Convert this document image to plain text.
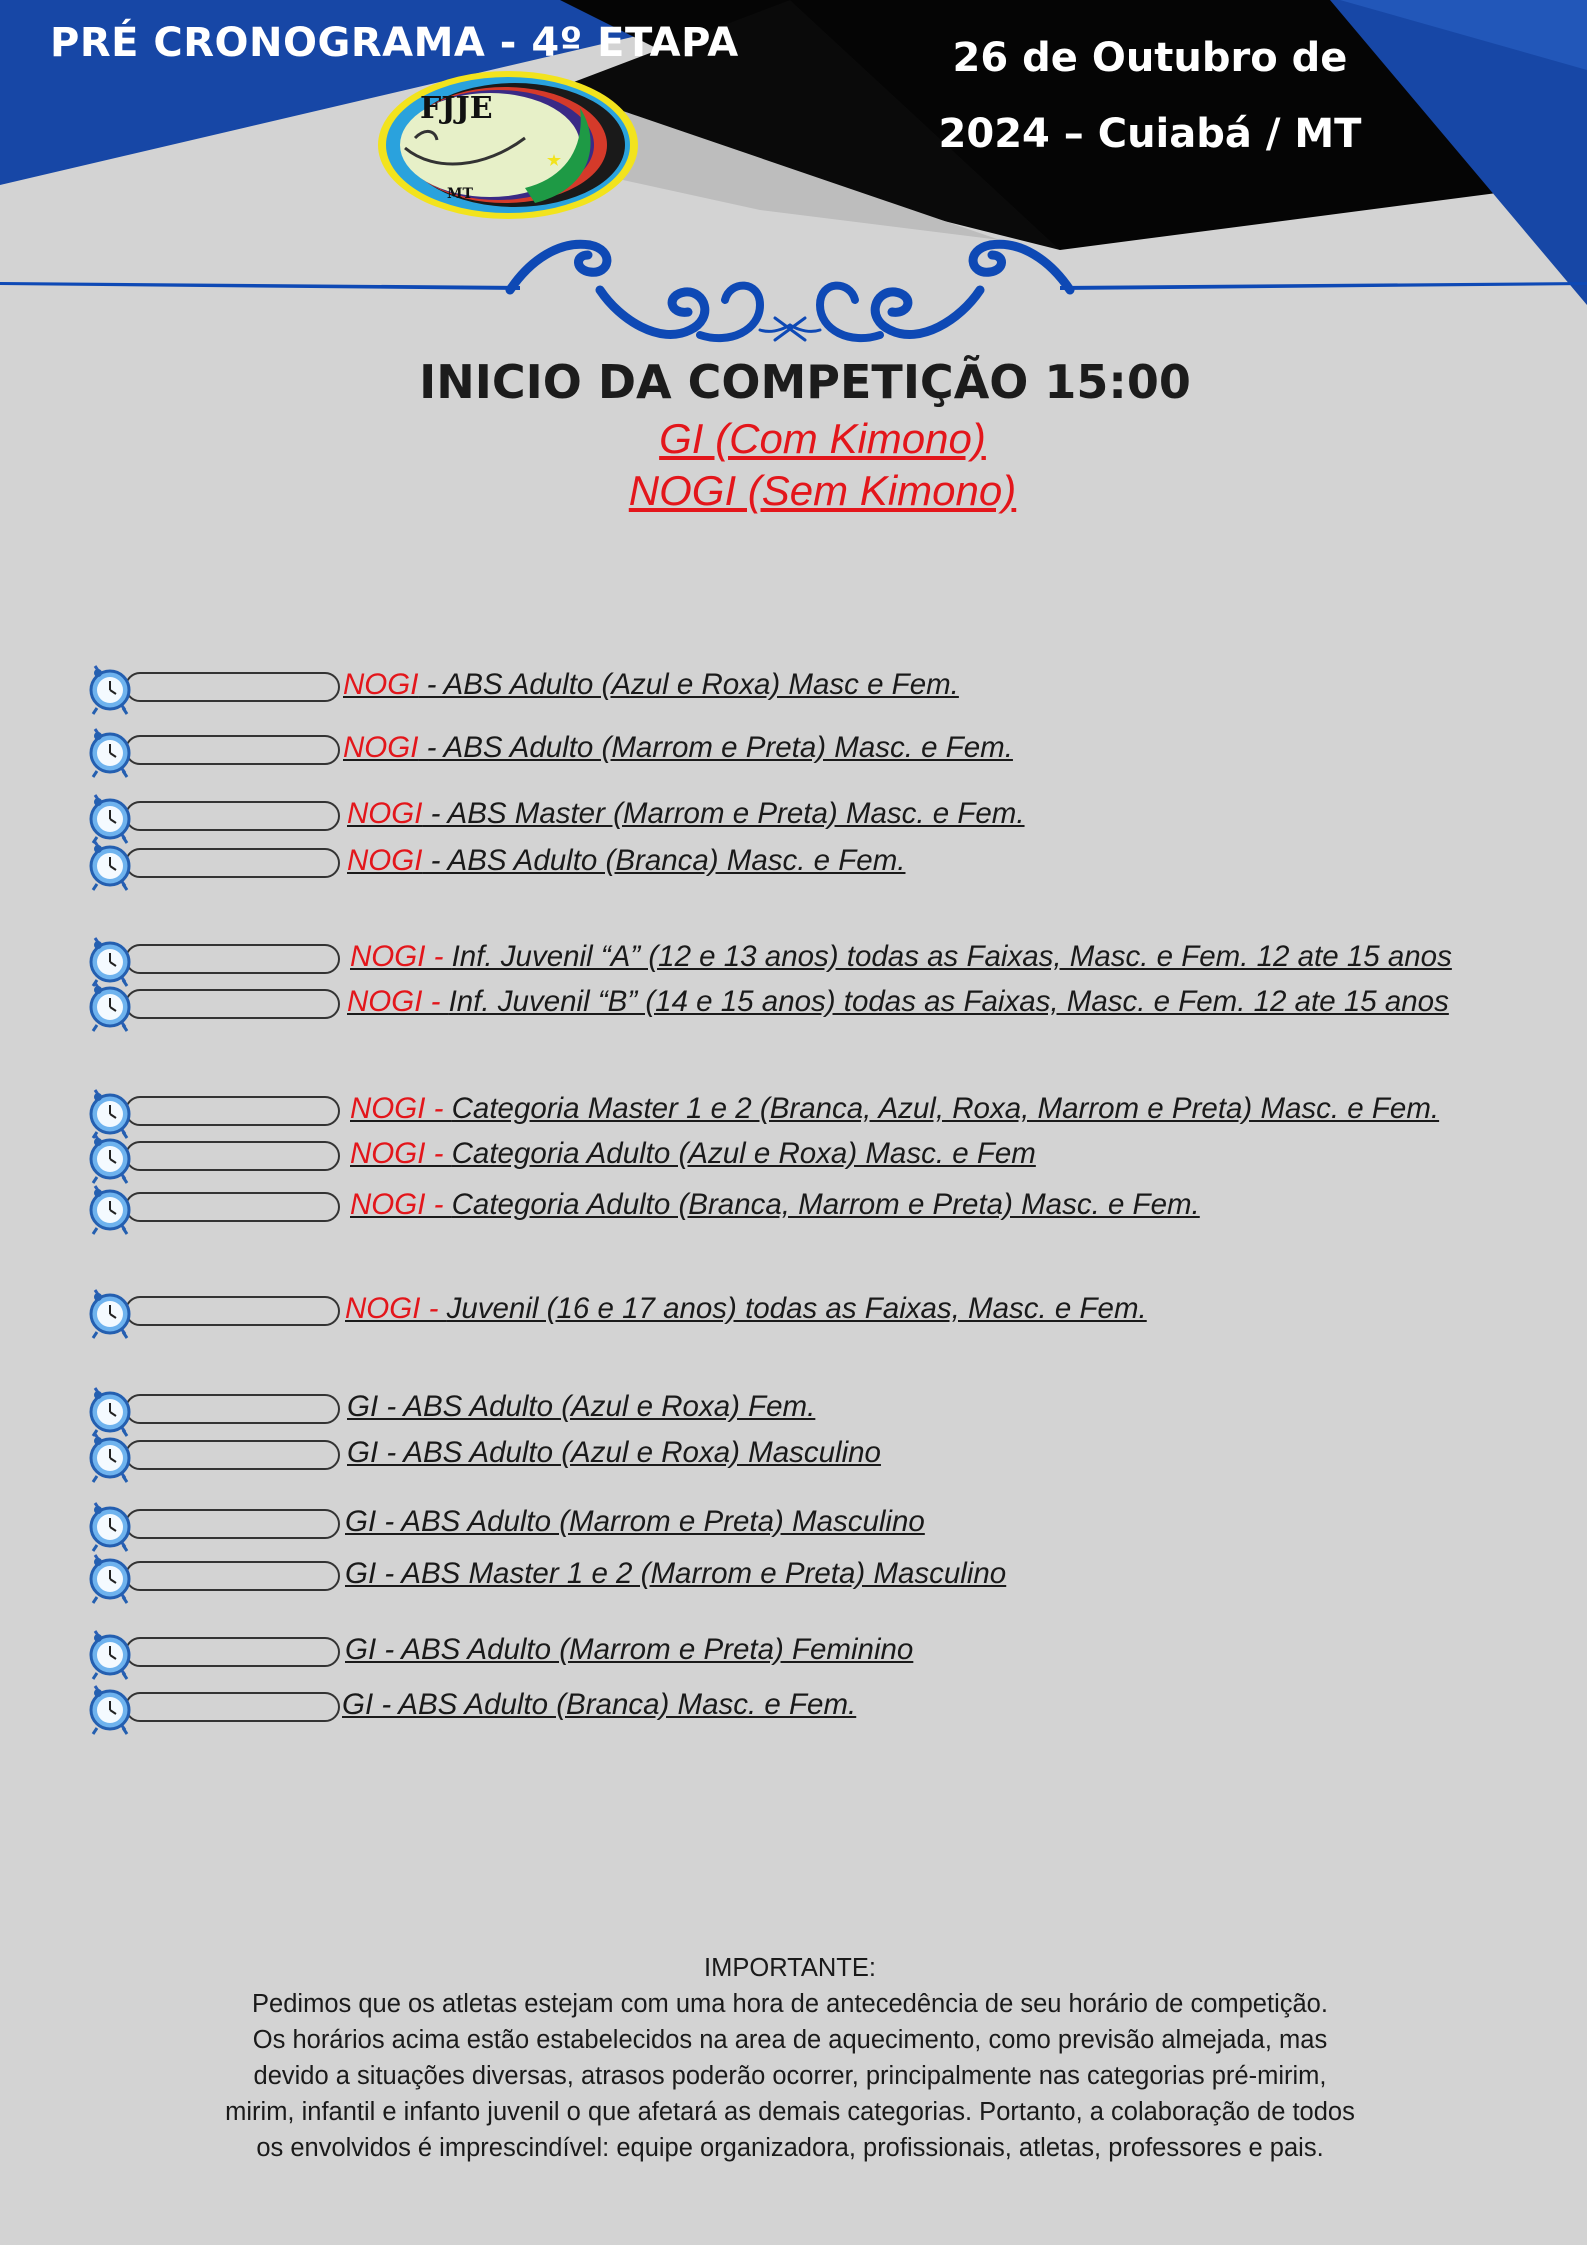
PRÉ CRONOGRAMA - 4º ETAPA	26 de Outubro de
2024 – Cuiabá / MT
FJJE
MT
INICIO DA COMPETIÇÃO 15:00
GI (Com Kimono)
NOGI (Sem Kimono)
NOGI - ABS Adulto (Azul e Roxa) Masc e Fem.
NOGI - ABS Adulto (Marrom e Preta) Masc. e Fem.
NOGI - ABS Master (Marrom e Preta) Masc. e Fem.
NOGI - ABS Adulto (Branca) Masc. e Fem.
NOGI - Inf. Juvenil “A” (12 e 13 anos) todas as Faixas, Masc. e Fem. 12 ate 15 anos
NOGI - Inf. Juvenil “B” (14 e 15 anos) todas as Faixas, Masc. e Fem. 12 ate 15 anos
NOGI - Categoria Master 1 e 2 (Branca, Azul, Roxa, Marrom e Preta) Masc. e Fem.
NOGI - Categoria Adulto (Azul e Roxa) Masc. e Fem
NOGI - Categoria Adulto (Branca, Marrom e Preta) Masc. e Fem.
NOGI - Juvenil (16 e 17 anos) todas as Faixas, Masc. e Fem.
GI - ABS Adulto (Azul e Roxa) Fem.
GI - ABS Adulto (Azul e Roxa) Masculino
GI - ABS Adulto (Marrom e Preta) Masculino
GI - ABS Master 1 e 2 (Marrom e Preta) Masculino
GI - ABS Adulto (Marrom e Preta) Feminino
GI - ABS Adulto (Branca) Masc. e Fem.

IMPORTANTE:

Pedimos que os atletas estejam com uma hora de antecedência de seu horário de competição.

Os horários acima estão estabelecidos na area de aquecimento, como previsão almejada, mas

devido a situações diversas, atrasos poderão ocorrer, principalmente nas categorias pré-mirim,

mirim, infantil e infanto juvenil o que afetará as demais categorias. Portanto, a colaboração de todos

os envolvidos é imprescindível: equipe organizadora, profissionais, atletas, professores e pais.
